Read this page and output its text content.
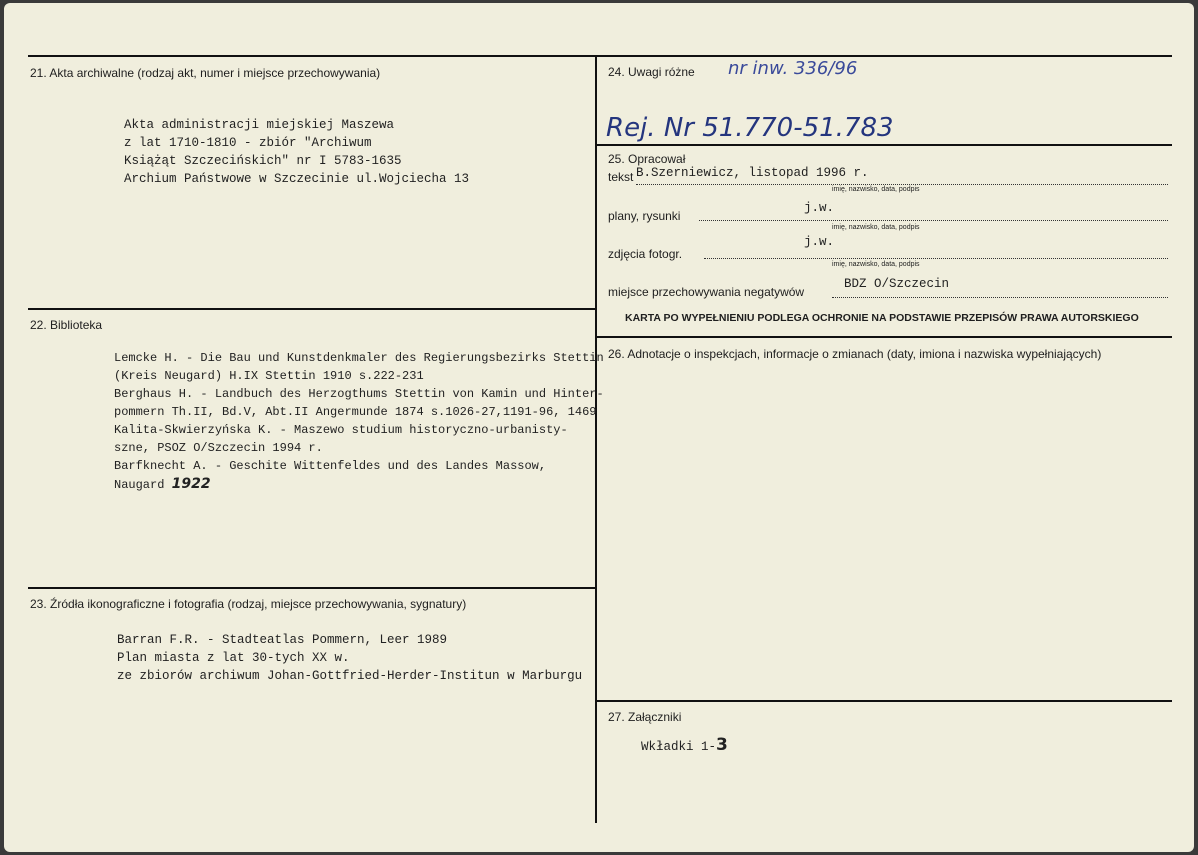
21. Akta archiwalne (rodzaj akt, numer i miejsce przechowywania)
Akta administracji miejskiej Maszewa
z lat 1710-1810 - zbiór "Archiwum
Książąt Szczecińskich" nr I 5783-1635
Archium Państwowe w Szczecinie ul.Wojciecha 13
22. Biblioteka
Lemcke H. - Die Bau und Kunstdenkmaler des Regierungsbezirks Stettin
(Kreis Neugard) H.IX Stettin 1910 s.222-231
Berghaus H. - Landbuch des Herzogthums Stettin von Kamin und Hinter-
pommern Th.II, Bd.V, Abt.II Angermunde 1874 s.1026-27,1191-96, 1469
Kalita-Skwierzyńska K. - Maszewo studium historyczno-urbanisty-
szne, PSOZ O/Szczecin 1994 r.
Barfknecht A. - Geschite Wittenfeldes und des Landes Massow,
Naugard 1922
23. Źródła ikonograficzne i fotografia (rodzaj, miejsce przechowywania, sygnatury)
Barran F.R. - Stadteatlas Pommern, Leer 1989
Plan miasta z lat 30-tych XX w.
ze zbiorów archiwum Johan-Gottfried-Herder-Institun w Marburgu
24. Uwagi różne nr inw. 336/96
Rej. Nr 51.770-51.783
25. Opracował
tekst B.Szerniewicz, listopad 1996 r.
imię, nazwisko, data, podpis
plany, rysunki
j.w.
imię, nazwisko, data, podpis
zdjęcia fotogr.
j.w.
imię, nazwisko, data, podpis
miejsce przechowywania negatywów
BDZ O/Szczecin
KARTA PO WYPEŁNIENIU PODLEGA OCHRONIE NA PODSTAWIE PRZEPISÓW PRAWA AUTORSKIEGO
26. Adnotacje o inspekcjach, informacje o zmianach (daty, imiona i nazwiska wypełniających)
27. Załączniki
Wkładki 1-3
